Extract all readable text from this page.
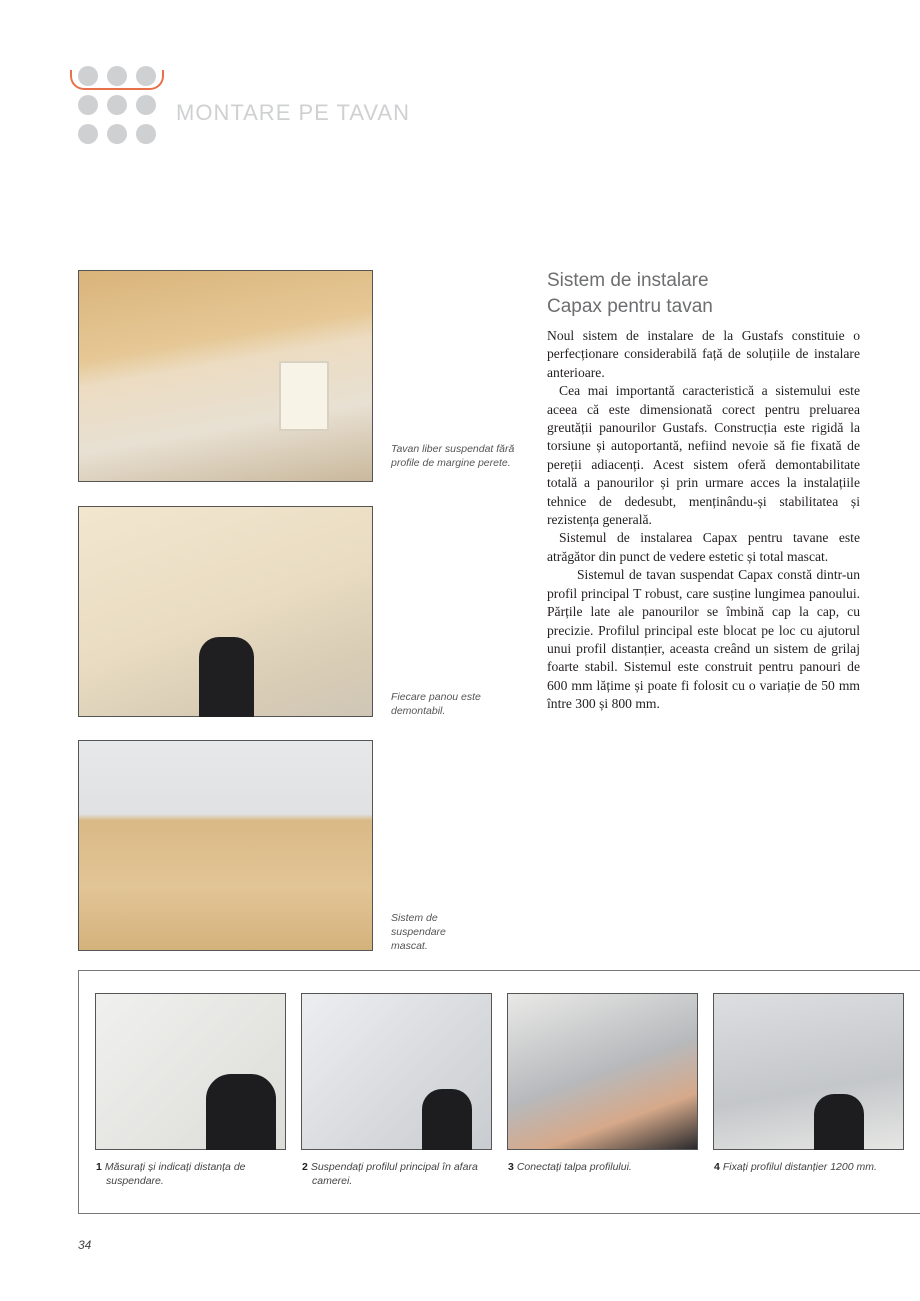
MONTARE PE TAVAN
Tavan liber suspendat fără profile de margine perete.
Fiecare panou este demontabil.
Sistem de suspendare mascat.
Sistem de instalare
Capax pentru tavan

Noul sistem de instalare de la Gustafs constituie o perfecționare considerabilă față de soluțiile de instalare anterioare.

Cea mai importantă caracteristică a sistemului este aceea că este dimensionată corect pentru preluarea greutății panourilor Gustafs. Construcția este rigidă la torsiune și autoportantă, nefiind nevoie să fie fixată de pereții adiacenți. Acest sistem oferă demontabilitate totală a panourilor și prin urmare acces la instalațiile tehnice de dedesubt, menținându-și stabilitatea și rezistența generală.

Sistemul de instalarea Capax pentru tavane este atrăgător din punct de vedere estetic și total mascat.

Sistemul de tavan suspendat Capax constă dintr-un profil principal T robust, care susține lungimea panoului. Părțile late ale panourilor se îmbină cap la cap, cu precizie. Profilul principal este blocat pe loc cu ajutorul unui profil distanțier, aceasta creând un sistem de grilaj foarte stabil. Sistemul este construit pentru panouri de 600 mm lățime și poate fi folosit cu o variație de 50 mm între 300 și 800 mm.

1 Măsurați și indicați distanța de suspendare.
2 Suspendați profilul principal în afara camerei.
3 Conectați talpa profilului.	4 Fixați profilul distanțier 1200 mm.
34
